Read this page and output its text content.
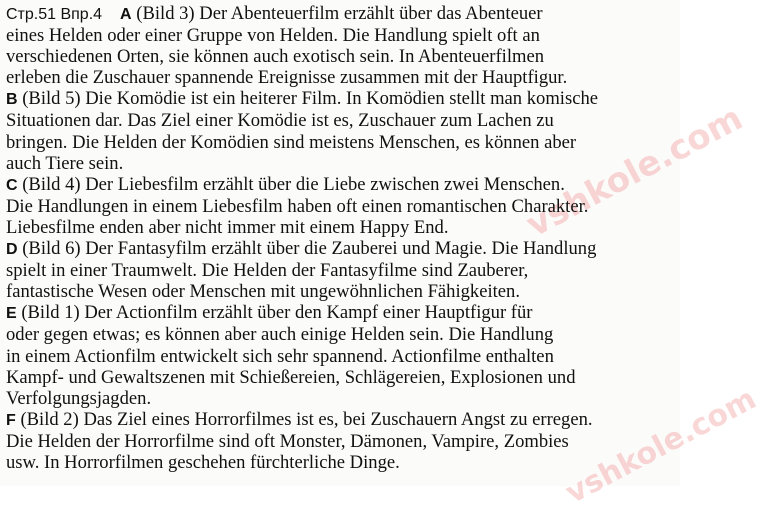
vshkole.com
vshkole.com

Стр.51 Впр.4 A (Bild 3) Der Abenteuerfilm erzählt über das Abenteuer

eines Helden oder einer Gruppe von Helden. Die Handlung spielt oft an

verschiedenen Orten, sie können auch exotisch sein. In Abenteuerfilmen

erleben die Zuschauer spannende Ereignisse zusammen mit der Hauptfigur.

B (Bild 5) Die Komödie ist ein heiterer Film. In Komödien stellt man komische

Situationen dar. Das Ziel einer Komödie ist es, Zuschauer zum Lachen zu

bringen. Die Helden der Komödien sind meistens Menschen, es können aber

auch Tiere sein.

C (Bild 4) Der Liebesfilm erzählt über die Liebe zwischen zwei Menschen.

Die Handlungen in einem Liebesfilm haben oft einen romantischen Charakter.

Liebesfilme enden aber nicht immer mit einem Happy End.

D (Bild 6) Der Fantasyfilm erzählt über die Zauberei und Magie. Die Handlung

spielt in einer Traumwelt. Die Helden der Fantasyfilme sind Zauberer,

fantastische Wesen oder Menschen mit ungewöhnlichen Fähigkeiten.

E (Bild 1) Der Actionfilm erzählt über den Kampf einer Hauptfigur für

oder gegen etwas; es können aber auch einige Helden sein. Die Handlung

in einem Actionfilm entwickelt sich sehr spannend. Actionfilme enthalten

Kampf- und Gewaltszenen mit Schießereien, Schlägereien, Explosionen und

Verfolgungsjagden.

F (Bild 2) Das Ziel eines Horrorfilmes ist es, bei Zuschauern Angst zu erregen.

Die Helden der Horrorfilme sind oft Monster, Dämonen, Vampire, Zombies

usw. In Horrorfilmen geschehen fürchterliche Dinge.
